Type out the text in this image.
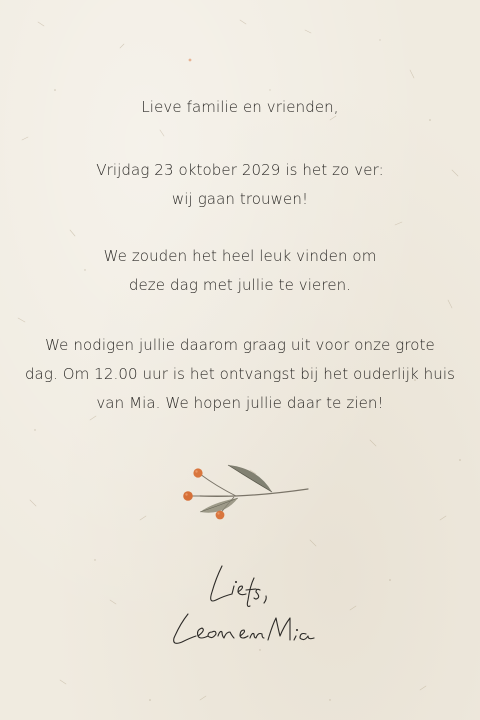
Lieve familie en vrienden,
Vrijdag 23 oktober 2029 is het zo ver:
wij gaan trouwen!
We zouden het heel leuk vinden om
deze dag met jullie te vieren.
We nodigen jullie daarom graag uit voor onze grote
dag. Om 12.00 uur is het ontvangst bij het ouderlijk huis
van Mia. We hopen jullie daar te zien!
Liefs,
